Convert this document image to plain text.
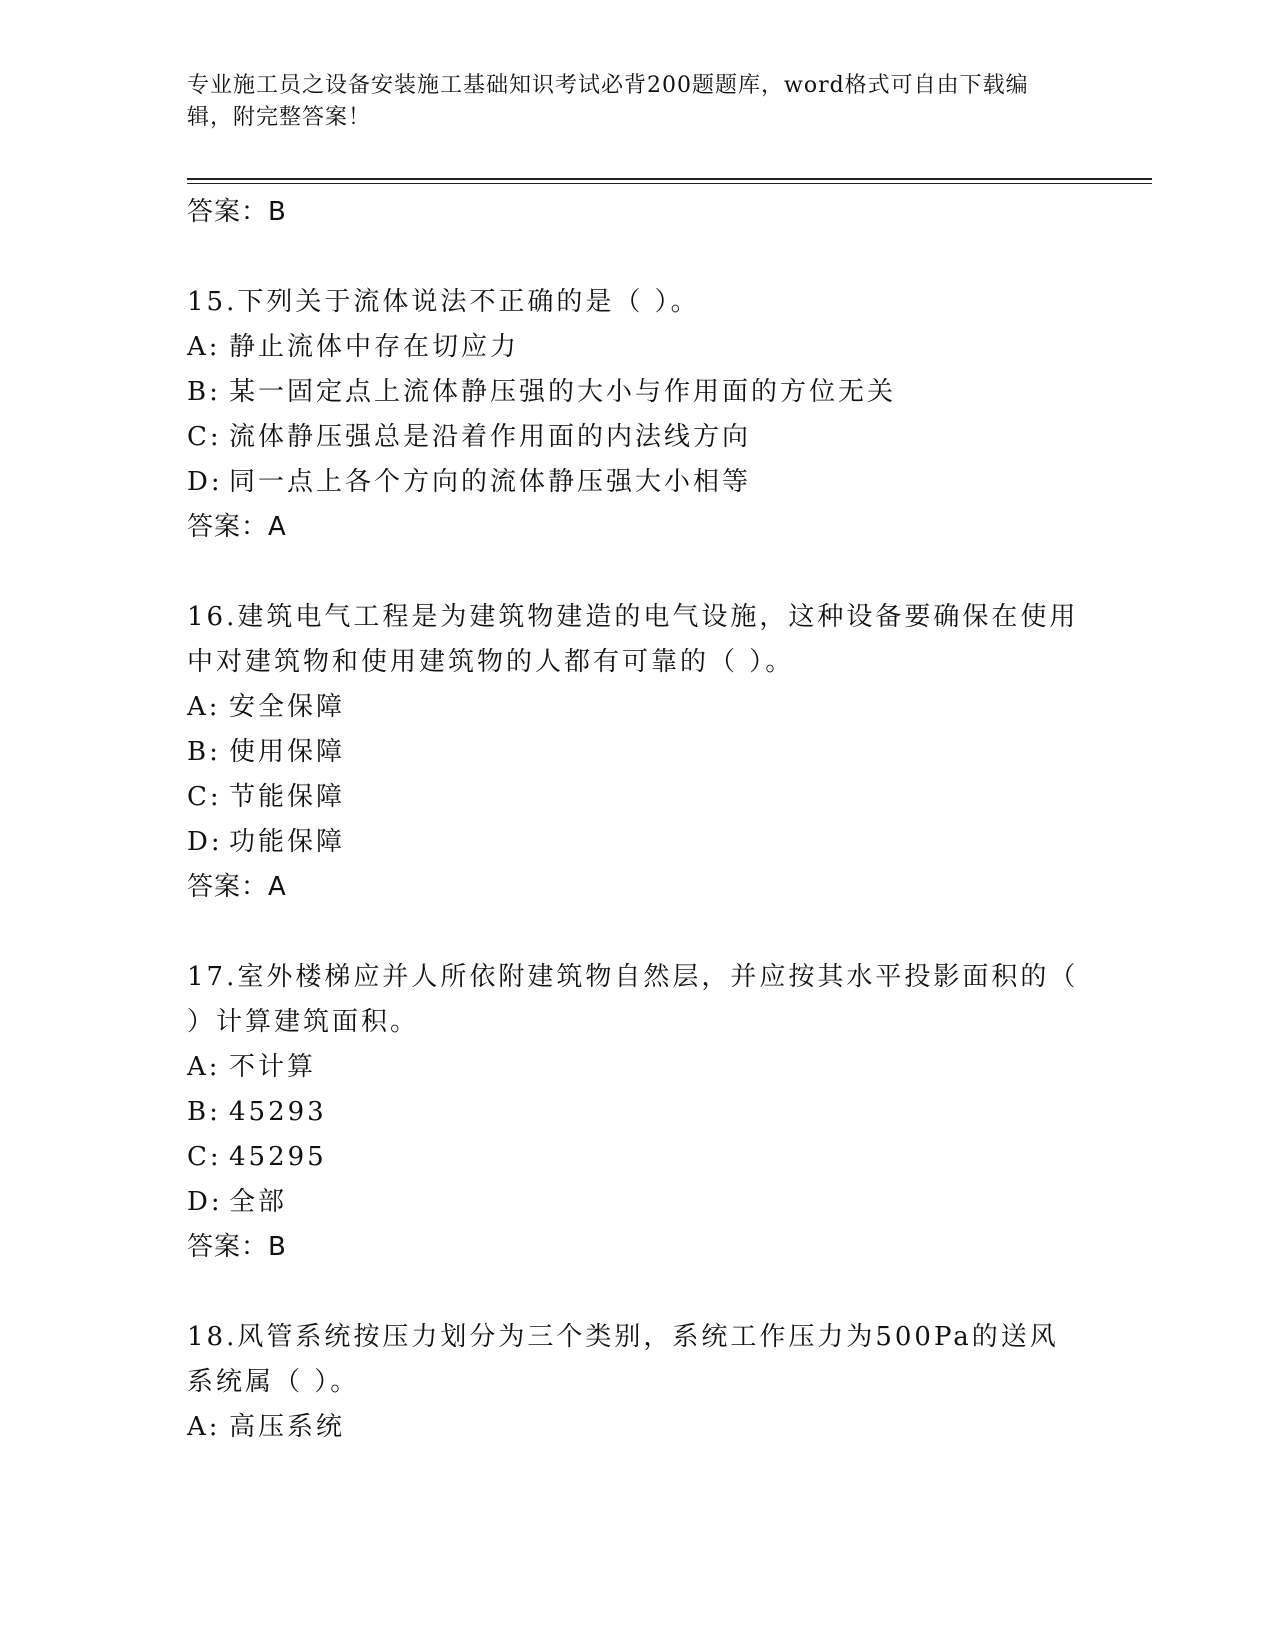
专业施工员之设备安装施工基础知识考试必背200题题库，word格式可自由下载编辑，附完整答案！
答案：B
15.下列关于流体说法不正确的是（ ）。
A: 静止流体中存在切应力
B: 某一固定点上流体静压强的大小与作用面的方位无关
C: 流体静压强总是沿着作用面的内法线方向
D: 同一点上各个方向的流体静压强大小相等
答案：A
16.建筑电气工程是为建筑物建造的电气设施，这种设备要确保在使用中对建筑物和使用建筑物的人都有可靠的（ ）。
A: 安全保障
B: 使用保障
C: 节能保障
D: 功能保障
答案：A
17.室外楼梯应并人所依附建筑物自然层，并应按其水平投影面积的（ ）计算建筑面积。
A: 不计算
B: 45293
C: 45295
D: 全部
答案：B
18.风管系统按压力划分为三个类别，系统工作压力为500Pa的送风系统属（ ）。
A: 高压系统
